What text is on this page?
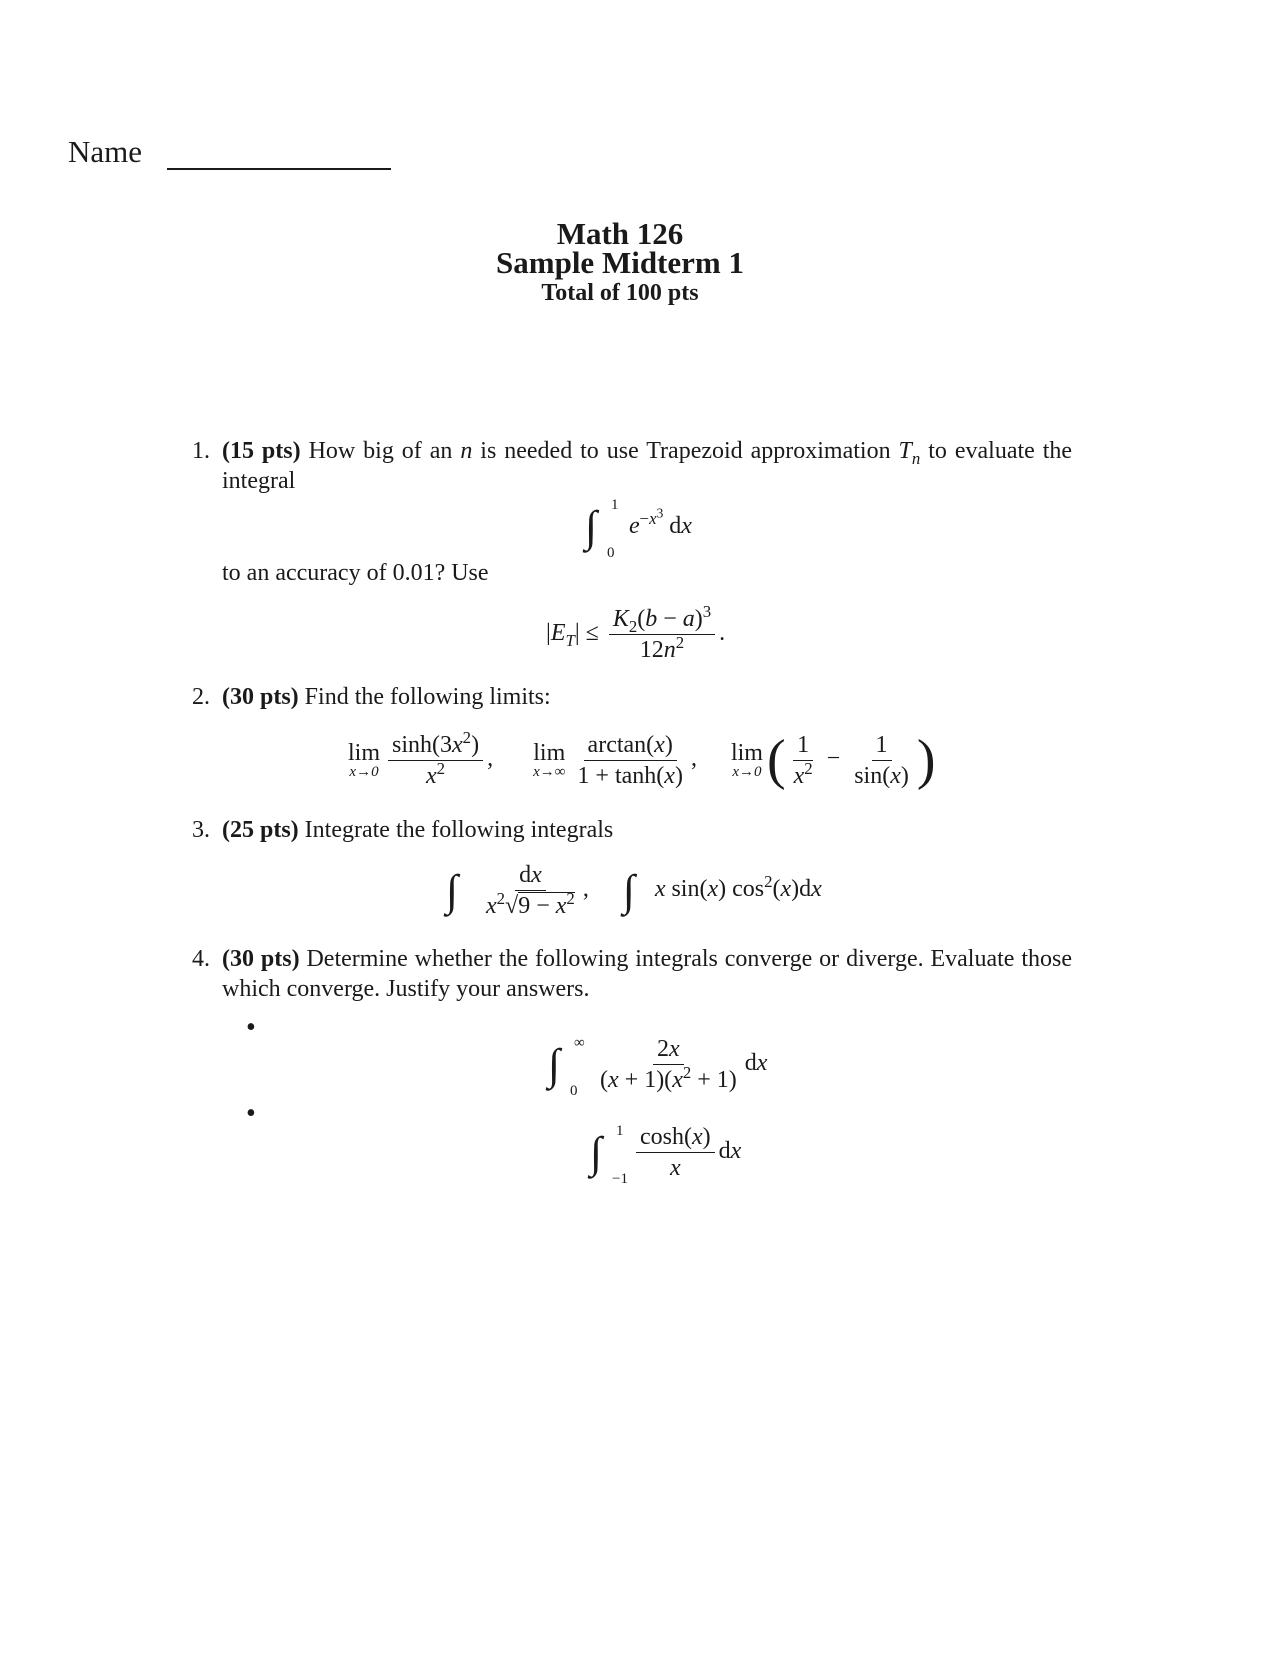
Name
Math 126
Sample Midterm 1
Total of 100 pts
1. (15 pts) How big of an n is needed to use Trapezoid approximation $T_n$ to evaluate the integral
∫ 1
0
$e^{-x^3}$ dx
to an accuracy of 0.01? Use
$|E_T| \le \frac{K_2(b - a)^3}{12n^2}$ .
2. (30 pts) Find the following limits:
lim
$x\to 0 \frac{\sinh(3x^2)}{x^2}$ , lim
$x\to\infty \frac{\arctan(x)}{1 + \tanh(x)}$ , lim
x→0 ( $\frac{1}{x^2} - \frac{1}{\sin(x)}$ )
3. (25 pts) Integrate the following integrals
∫ $\frac{dx}{x^2√9 - x^2}$ ,  ∫ x sin(x) $\cos^2(x)dx$
4. (30 pts) Determine whether the following integrals converge or diverge. Evaluate those which converge. Justify your answers.
•
∫ ∞
0
$\frac{2x}{(x + 1)(x^2 + 1)}$ dx
•
∫ 1
−1
$\frac{\cosh(x)}{x}$ dx
